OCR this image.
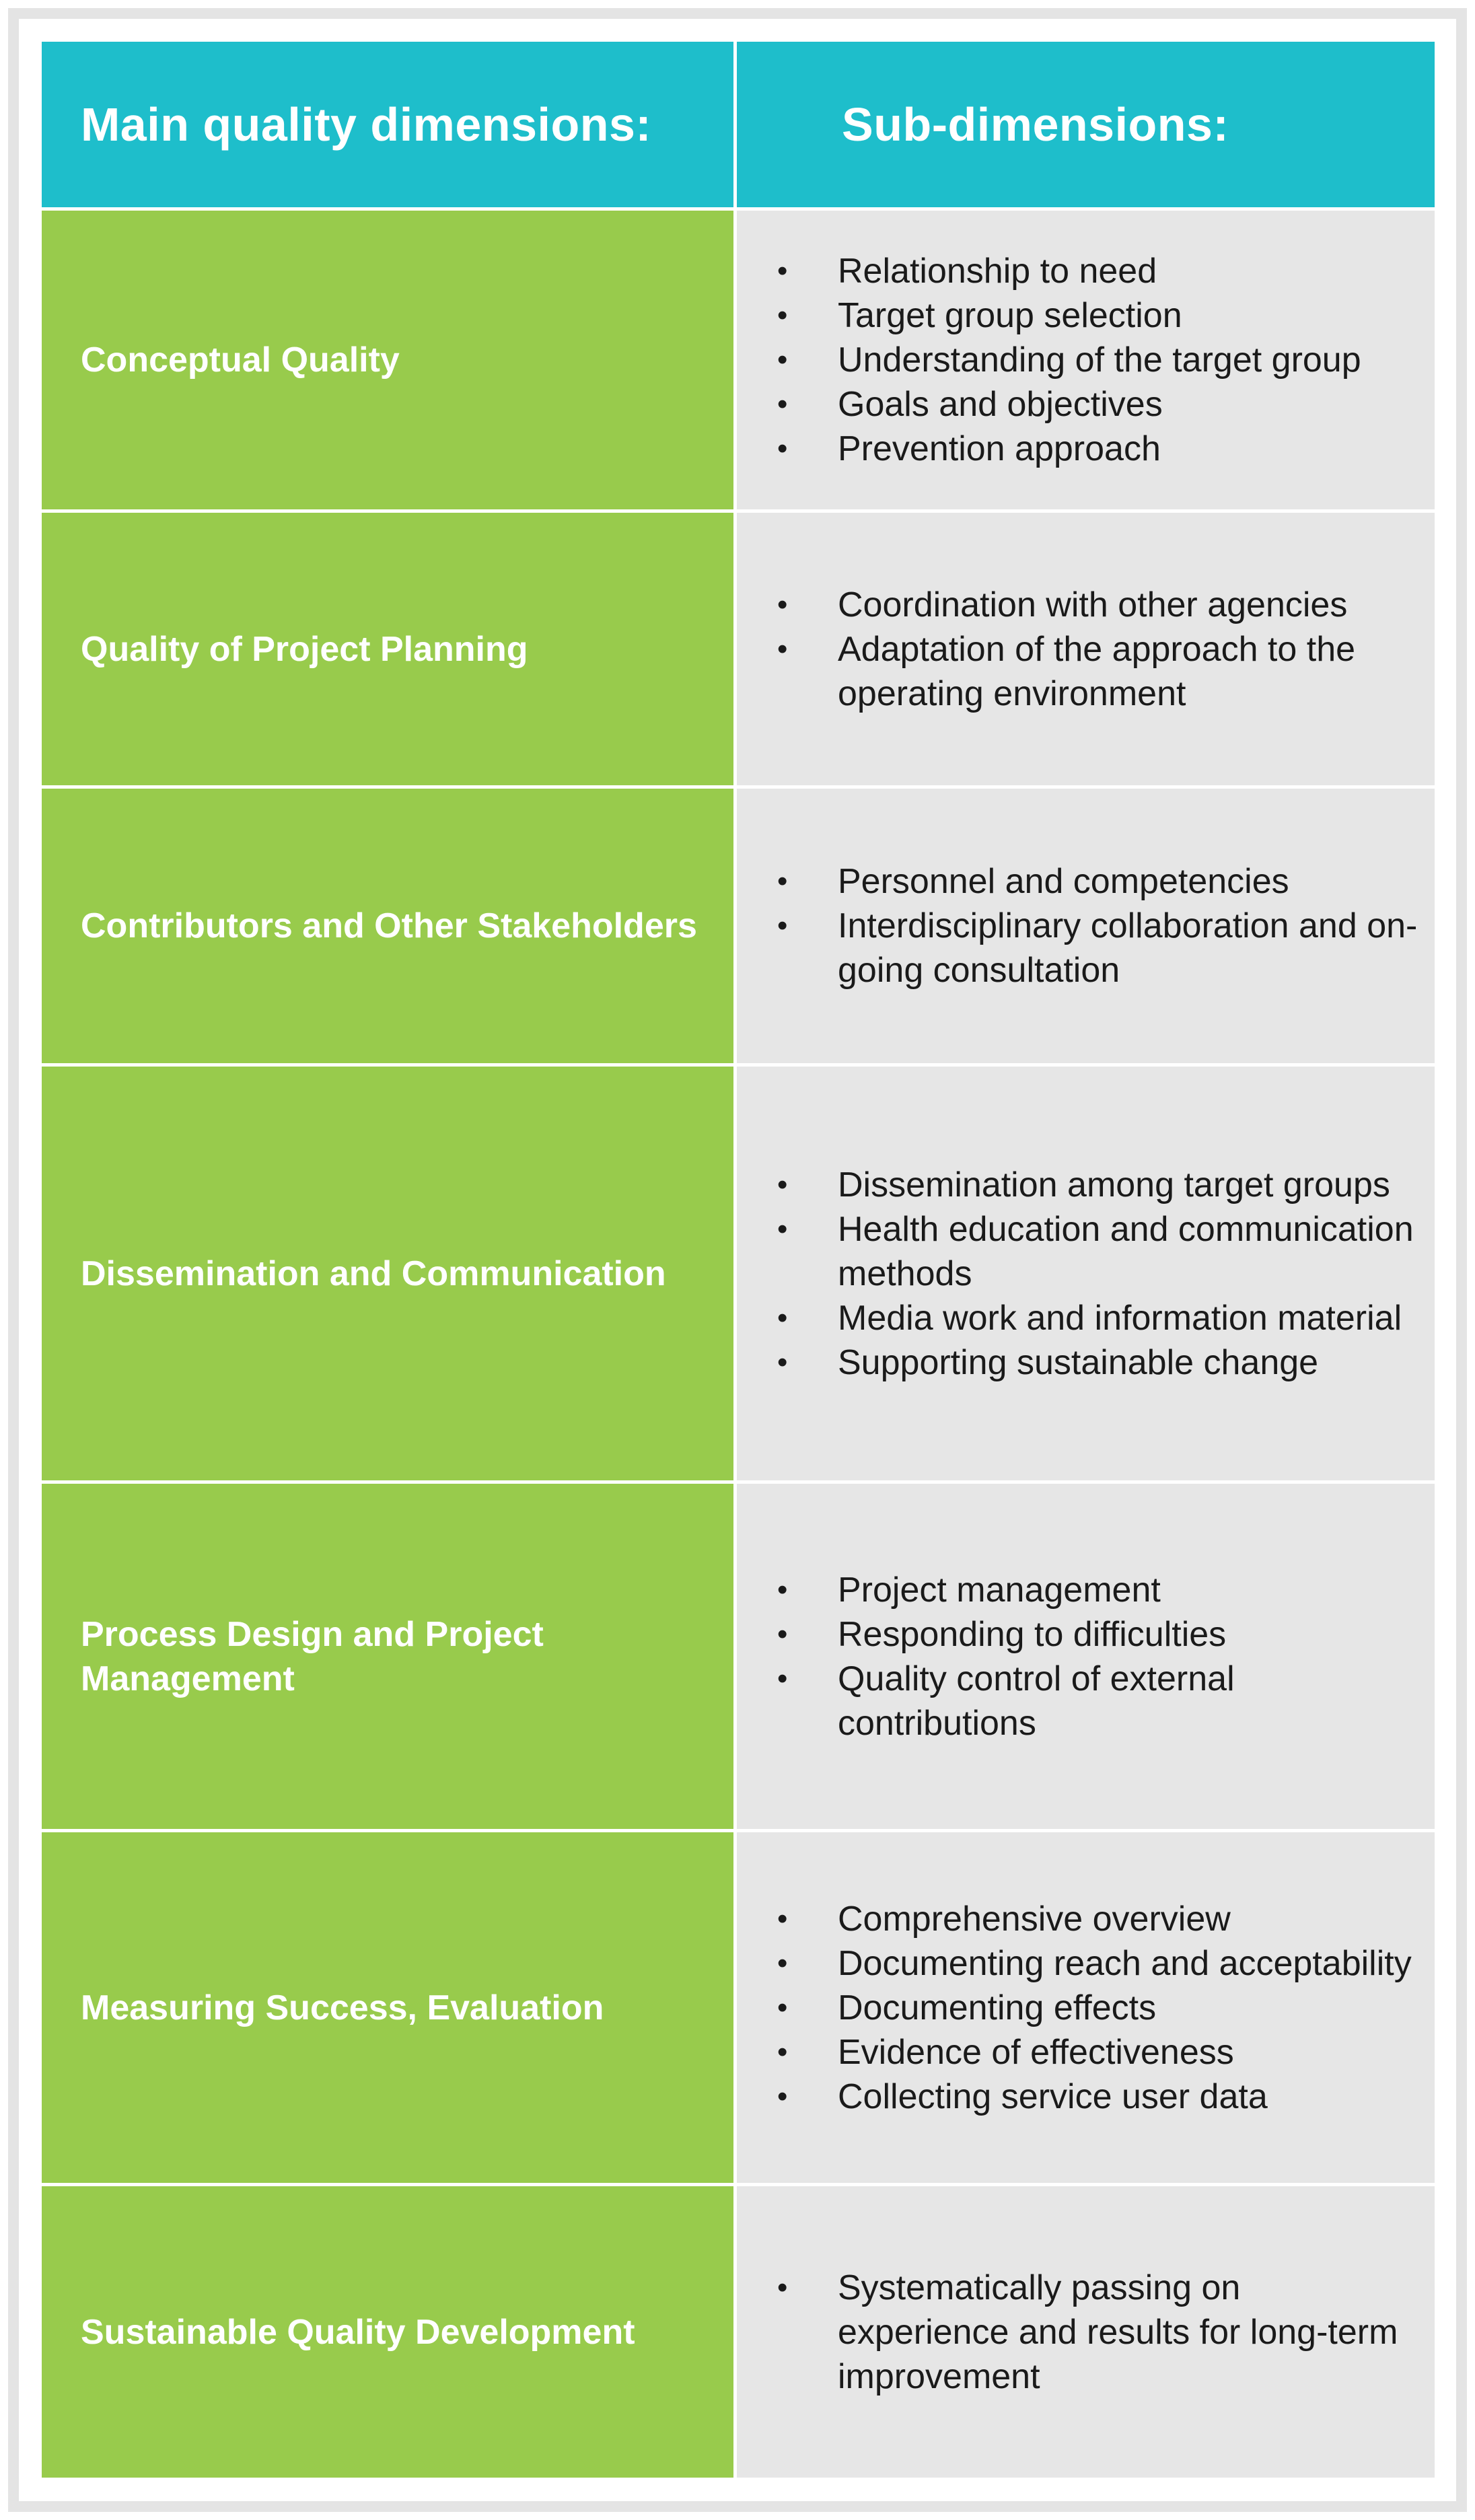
Main quality dimensions:	Sub-dimensions:
Conceptual Quality
• Relationship to need
• Target group selection
• Understanding of the target group
• Goals and objectives
• Prevention approach
Quality of Project Planning
• Coordination with other agencies
• Adaptation of the approach to the operating environment
Contributors and Other Stakeholders
• Personnel and competencies
• Interdisciplinary collaboration and on-going consultation
Dissemination and Communication
• Dissemination among target groups
• Health education and communication methods
• Media work and information material
• Supporting sustainable change
Process Design and Project Management
• Project management
• Responding to difficulties
• Quality control of external contributions
Measuring Success, Evaluation
• Comprehensive overview
• Documenting reach and acceptability
• Documenting effects
• Evidence of effectiveness
• Collecting service user data
Sustainable Quality Development
• Systematically passing on experience and results for long-term improvement
